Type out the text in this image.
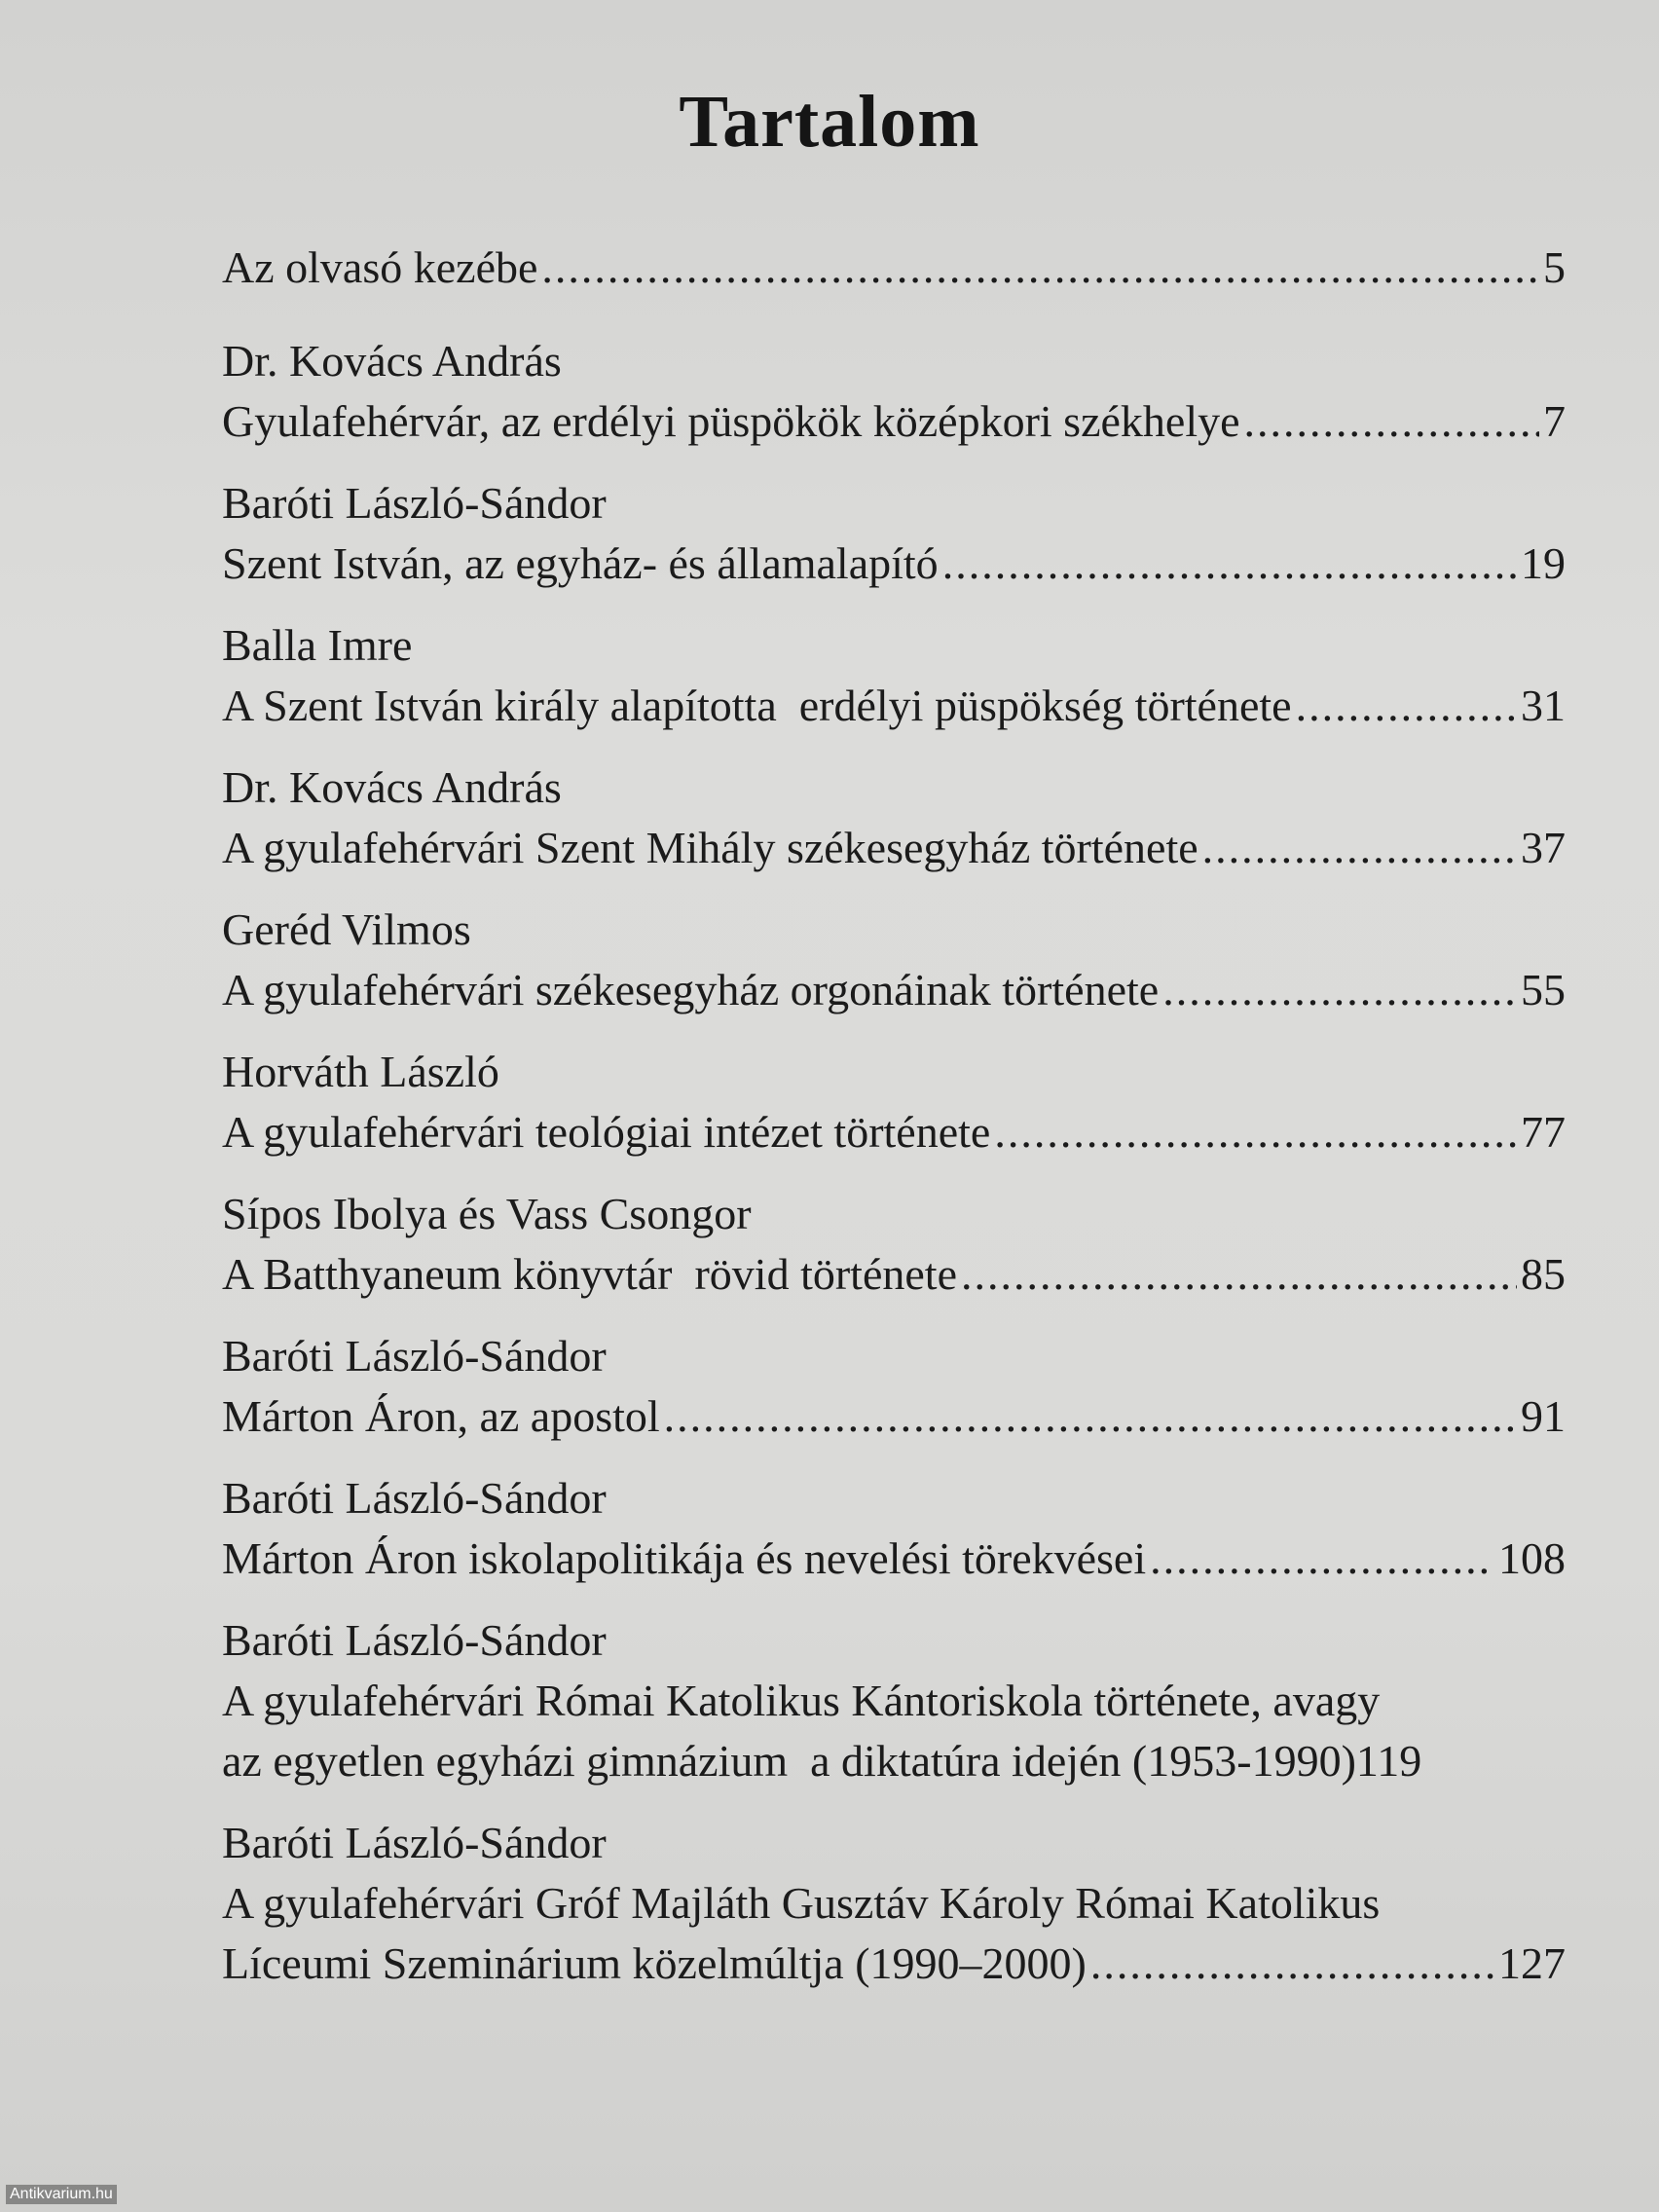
Tartalom
Az olvasó kezébe .....	5
Dr. Kovács András
Gyulafehérvár, az erdélyi püspökök középkori székhelye .....	7
Baróti László-Sándor
Szent István, az egyház- és államalapító .....	19
Balla Imre
A Szent István király alapította  erdélyi püspökség története .....	31
Dr. Kovács András
A gyulafehérvári Szent Mihály székesegyház története .....	37
Geréd Vilmos
A gyulafehérvári székesegyház orgonáinak története .....	55
Horváth László
A gyulafehérvári teológiai intézet története .....	77
Sípos Ibolya és Vass Csongor
A Batthyaneum könyvtár  rövid története .....	85
Baróti László-Sándor
Márton Áron, az apostol .....	91
Baróti László-Sándor
Márton Áron iskolapolitikája és nevelési törekvései .....	108
Baróti László-Sándor
A gyulafehérvári Római Katolikus Kántoriskola története, avagy
az egyetlen egyházi gimnázium  a diktatúra idején (1953-1990) 119
Baróti László-Sándor
A gyulafehérvári Gróf Majláth Gusztáv Károly Római Katolikus
Líceumi Szeminárium közelmúltja (1990–2000) .....	127
Antikvarium.hu
